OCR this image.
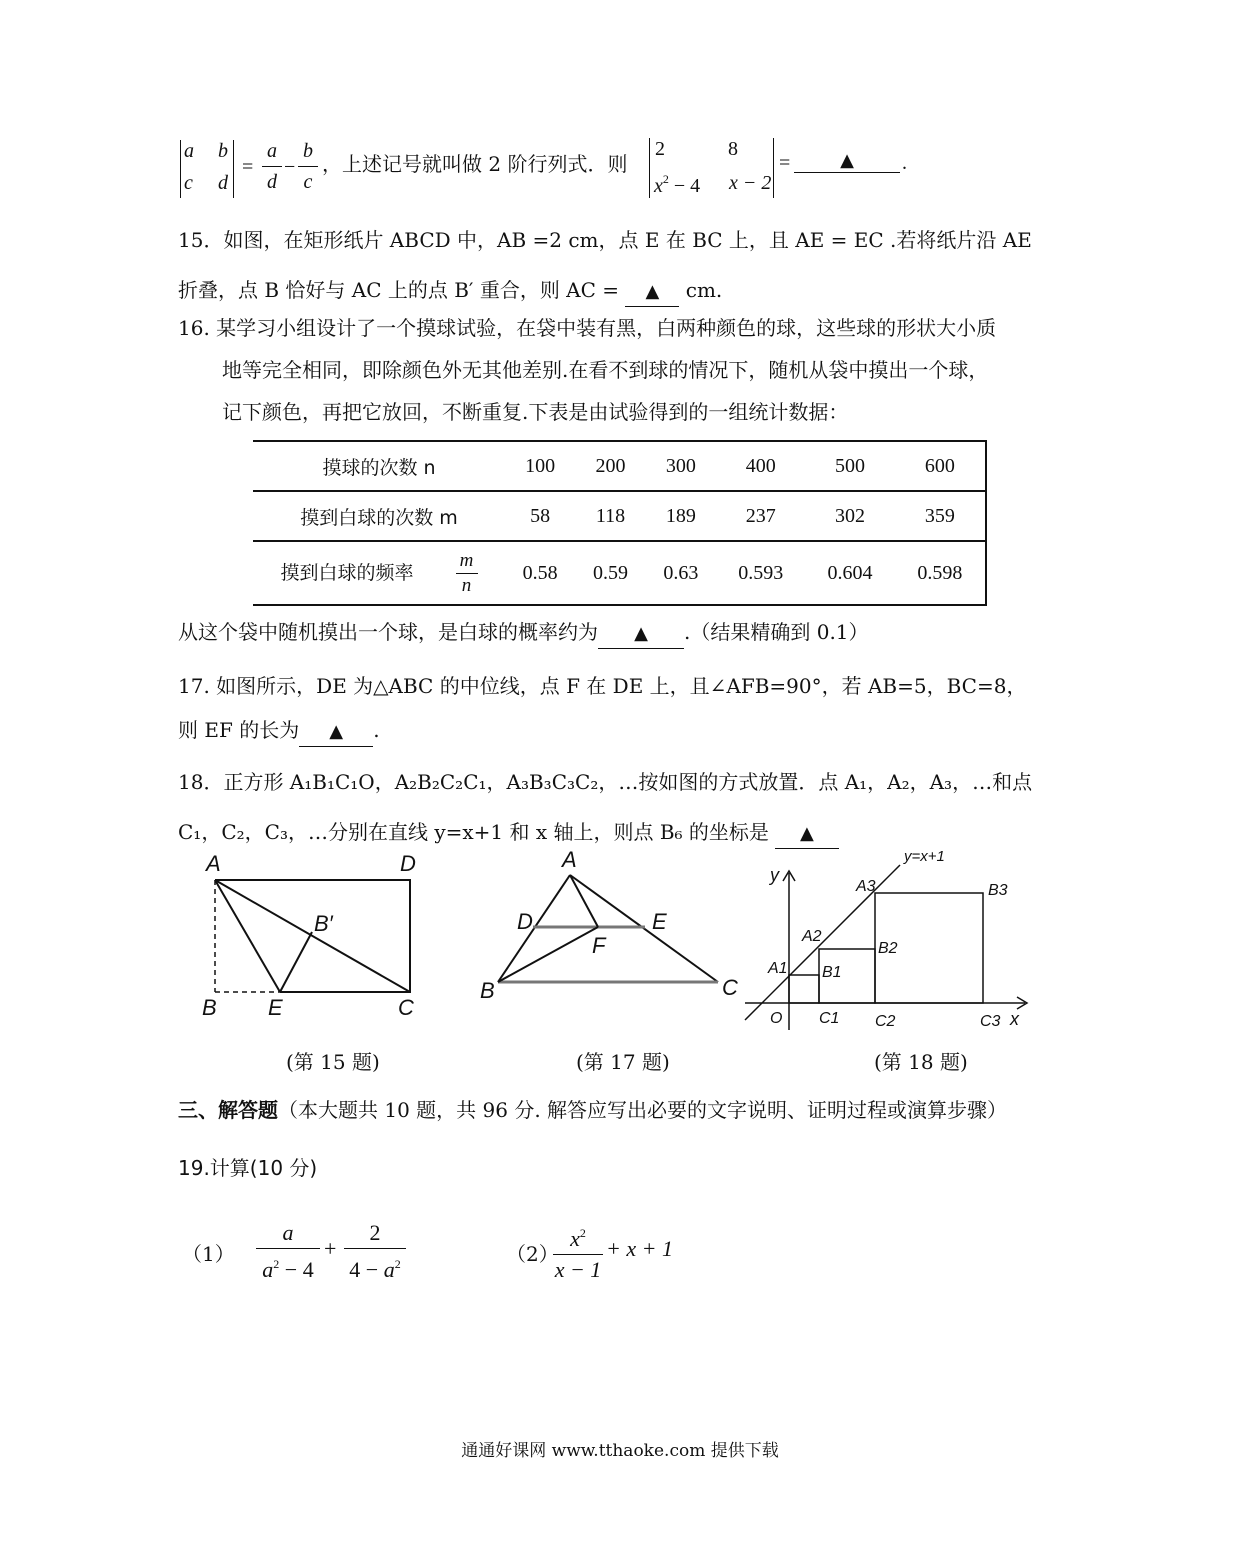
a b
c d
=
a
d
−
b
c
，上述记号就叫做 2 阶行列式．则
2	8
$x^2 - 4$ x − 2
=	▲	.
15．如图，在矩形纸片 ABCD 中，AB =2 cm，点 E 在 BC 上，且 AE = EC .若将纸片沿 AE
折叠，点 B 恰好与 AC 上的点 B′ 重合，则 AC = ▲ cm.
16. 某学习小组设计了一个摸球试验，在袋中装有黑，白两种颜色的球，这些球的形状大小质
地等完全相同，即除颜色外无其他差别.在看不到球的情况下，随机从袋中摸出一个球，
记下颜色，再把它放回，不断重复.下表是由试验得到的一组统计数据：
摸球的次数 n	100	200	300	400	500	600
摸到白球的次数 m	58	118	189	237	302	359
摸到白球的频率 $\frac{m}{n}$	0.58	0.59	0.63	0.593	0.604	0.598
从这个袋中随机摸出一个球，是白球的概率约为 ▲ .（结果精确到 0.1）
17. 如图所示，DE 为△ABC 的中位线，点 F 在 DE 上，且∠AFB=90°，若 AB=5，BC=8，
则 EF 的长为 ▲ .
18．正方形 A₁B₁C₁O，A₂B₂C₂C₁，A₃B₃C₃C₂，…按如图的方式放置．点 A₁，A₂，A₃，…和点
C₁，C₂，C₃，…分别在直线 y=x+1 和 x 轴上，则点 B₆ 的坐标是 ▲
A	D
B′
B E	C
A
D	E
F
B	C
y=x+1
y
A3	B3
A2
B2
A1 B1
O C1 C2	C3 x
(第 15 题)	(第 17 题)	(第 18 题)
三、解答题（本大题共 10 题，共 96 分. 解答应写出必要的文字说明、证明过程或演算步骤）
19.计算(10 分)
（1）
a
$a^2 - 4$
+
2
$4 - a^2$	（2）
$x^2$
x − 1
+ x + 1
通通好课网 www.tthaoke.com 提供下载
